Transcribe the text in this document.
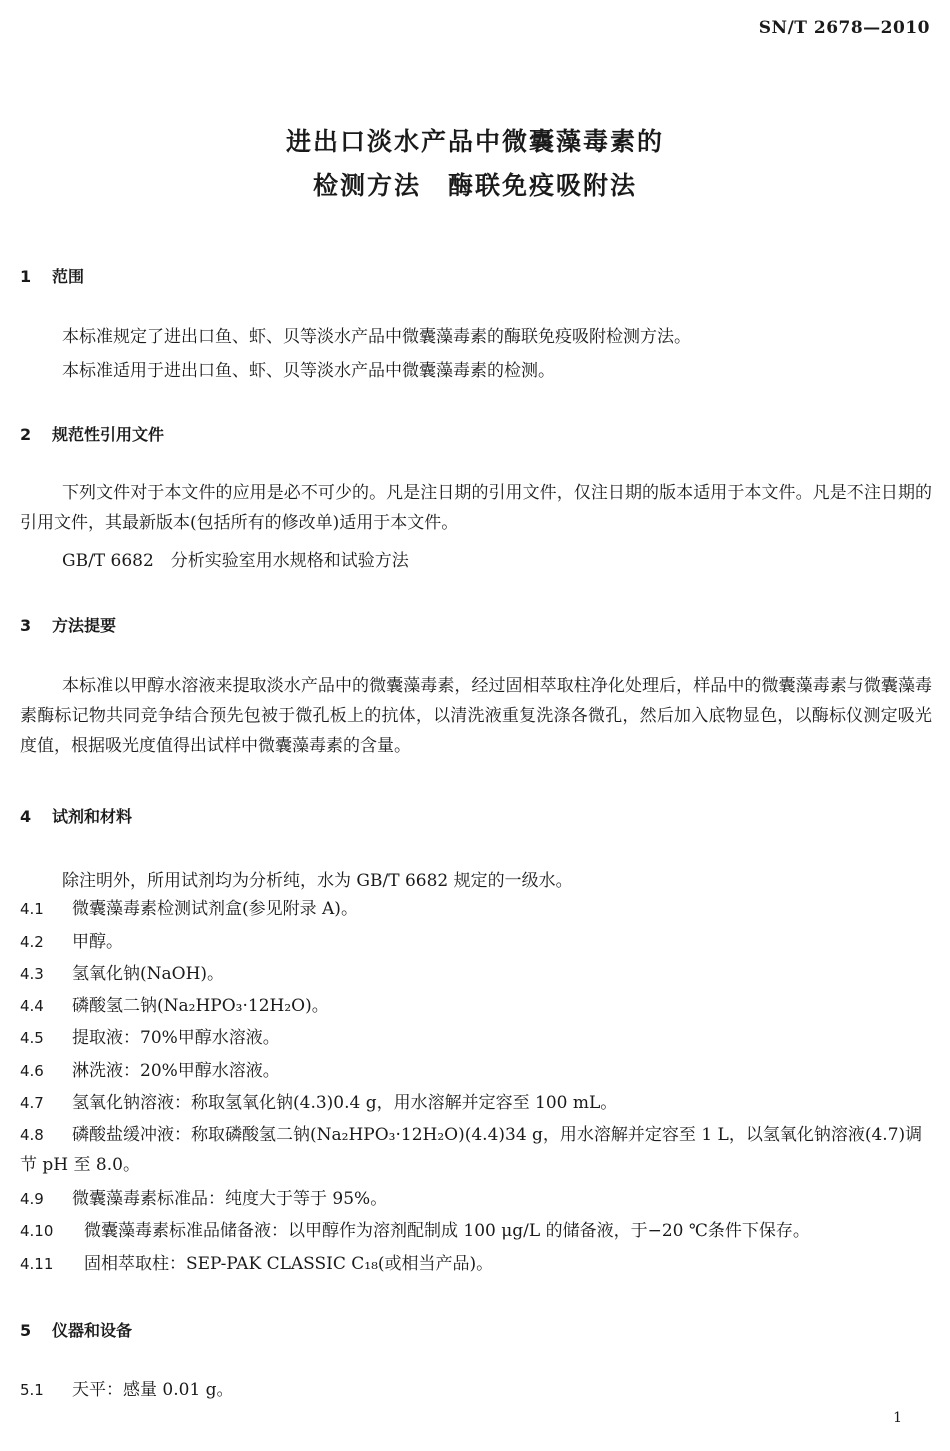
SN/T 2678—2010
进出口淡水产品中微囊藻毒素的
检测方法　酶联免疫吸附法
1 范围
本标准规定了进出口鱼、虾、贝等淡水产品中微囊藻毒素的酶联免疫吸附检测方法。
本标准适用于进出口鱼、虾、贝等淡水产品中微囊藻毒素的检测。
2 规范性引用文件
下列文件对于本文件的应用是必不可少的。凡是注日期的引用文件，仅注日期的版本适用于本文件。凡是不注日期的引用文件，其最新版本(包括所有的修改单)适用于本文件。
GB/T 6682　分析实验室用水规格和试验方法
3 方法提要
本标准以甲醇水溶液来提取淡水产品中的微囊藻毒素，经过固相萃取柱净化处理后，样品中的微囊藻毒素与微囊藻毒素酶标记物共同竞争结合预先包被于微孔板上的抗体，以清洗液重复洗涤各微孔，然后加入底物显色，以酶标仪测定吸光度值，根据吸光度值得出试样中微囊藻毒素的含量。
4 试剂和材料
除注明外，所用试剂均为分析纯，水为 GB/T 6682 规定的一级水。
4.1 微囊藻毒素检测试剂盒(参见附录 A)。
4.2 甲醇。
4.3 氢氧化钠(NaOH)。
4.4 磷酸氢二钠(Na₂HPO₃·12H₂O)。
4.5 提取液：70%甲醇水溶液。
4.6 淋洗液：20%甲醇水溶液。
4.7 氢氧化钠溶液：称取氢氧化钠(4.3)0.4 g，用水溶解并定容至 100 mL。
4.8 磷酸盐缓冲液：称取磷酸氢二钠(Na₂HPO₃·12H₂O)(4.4)34 g，用水溶解并定容至 1 L，以氢氧化钠溶液(4.7)调节 pH 至 8.0。
4.9 微囊藻毒素标准品：纯度大于等于 95%。
4.10 微囊藻毒素标准品储备液：以甲醇作为溶剂配制成 100 μg/L 的储备液，于−20 ℃条件下保存。
4.11 固相萃取柱：SEP-PAK CLASSIC C₁₈(或相当产品)。
5 仪器和设备
5.1 天平：感量 0.01 g。
1
